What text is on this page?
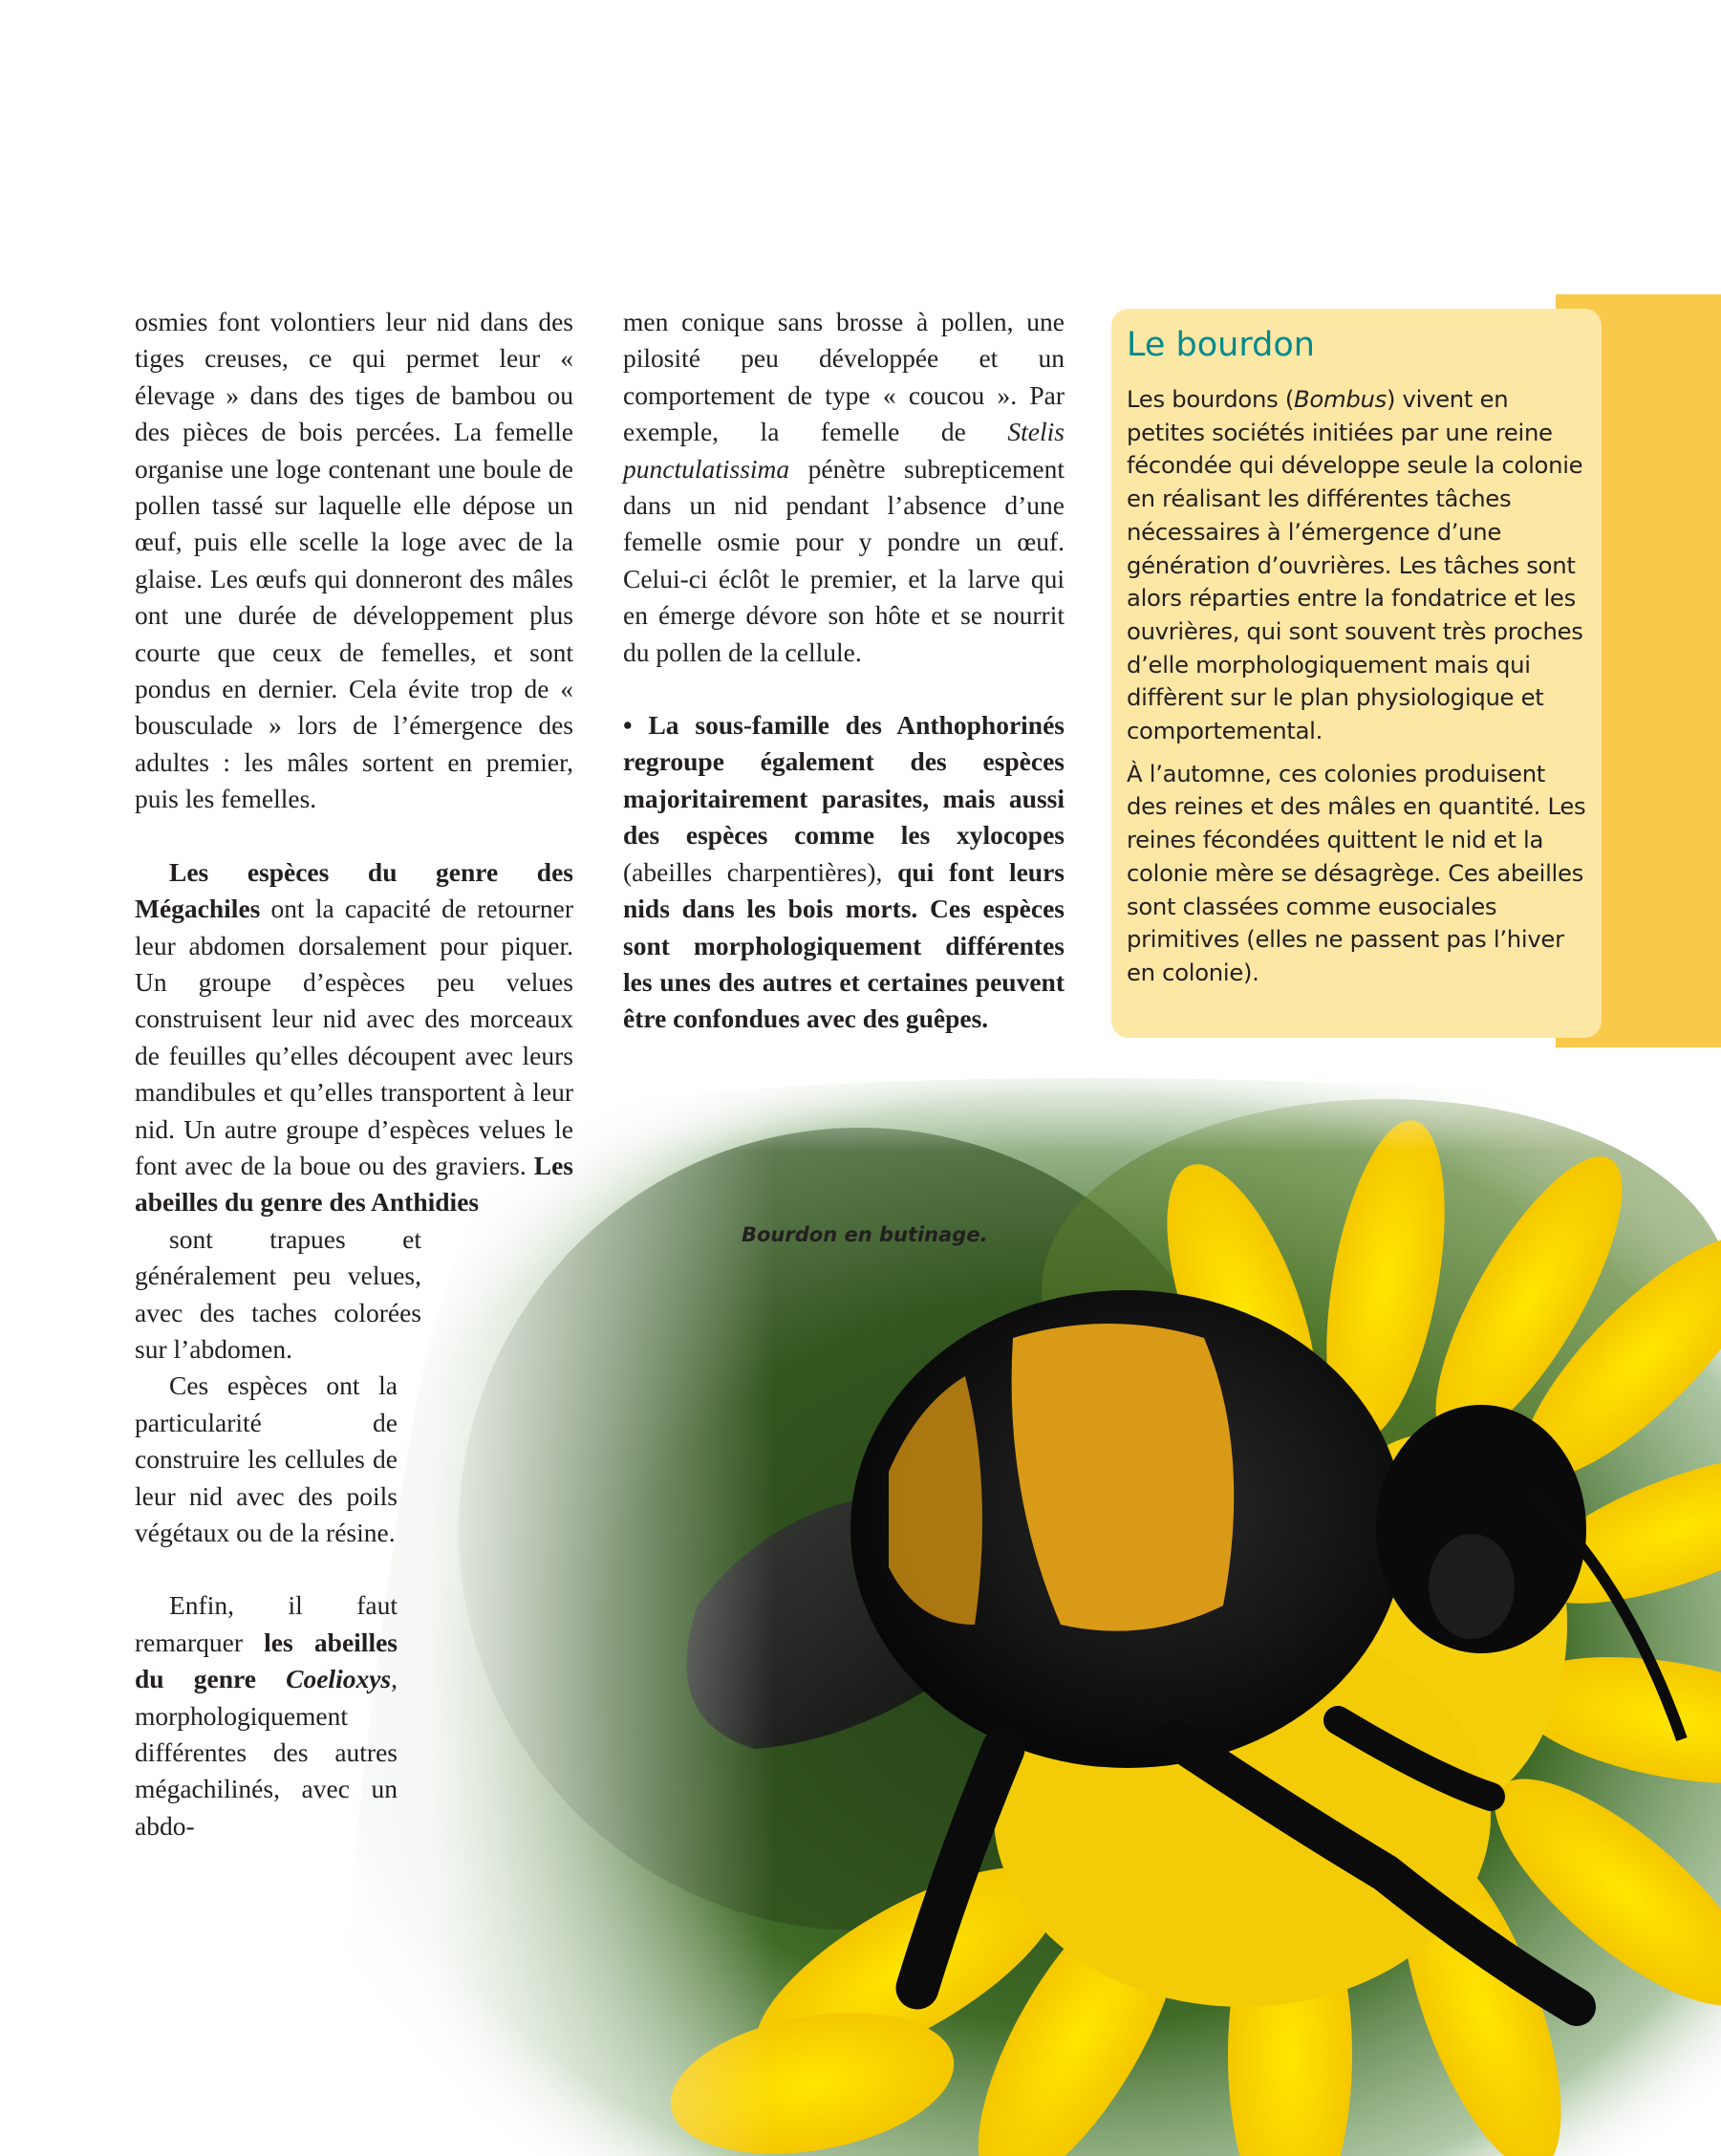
osmies font volontiers leur nid dans des tiges creuses, ce qui permet leur « élevage » dans des tiges de bambou ou des pièces de bois percées. La femelle organise une loge contenant une boule de pollen tassé sur laquelle elle dépose un œuf, puis elle scelle la loge avec de la glaise. Les œufs qui donneront des mâles ont une durée de développement plus courte que ceux de femelles, et sont pondus en dernier. Cela évite trop de « bousculade » lors de l’émergence des adultes : les mâles sortent en premier, puis les femelles.

Les espèces du genre des Mégachiles ont la capacité de retourner leur abdomen dorsalement pour piquer. Un groupe d’espèces peu velues construisent leur nid avec des morceaux de feuilles qu’elles découpent avec leurs mandibules et qu’elles transportent à leur nid. Un autre groupe d’espèces velues le font avec de la boue ou des graviers. Les abeilles du genre des Anthidies
sont trapues et généralement peu velues, avec des taches colorées sur l’abdomen.
Ces espèces ont la particularité de construire les cellules de leur nid avec des poils végétaux ou de la résine.

Enfin, il faut remarquer les abeilles du genre Coelioxys, morphologiquement différentes des autres mégachilinés, avec un abdo-

men conique sans brosse à pollen, une pilosité peu développée et un comportement de type « coucou ». Par exemple, la femelle de Stelis punctulatissima pénètre subrepticement dans un nid pendant l’absence d’une femelle osmie pour y pondre un œuf. Celui-ci éclôt le premier, et la larve qui en émerge dévore son hôte et se nourrit du pollen de la cellule.

• La sous-famille des Anthophorinés regroupe également des espèces majoritairement parasites, mais aussi des espèces comme les xylocopes (abeilles charpentières), qui font leurs nids dans les bois morts. Ces espèces sont morphologiquement différentes les unes des autres et certaines peuvent être confondues avec des guêpes.

Le bourdon

Les bourdons (Bombus) vivent en petites sociétés initiées par une reine fécondée qui développe seule la colonie en réalisant les différentes tâches nécessaires à l’émergence d’une génération d’ouvrières. Les tâches sont alors réparties entre la fondatrice et les ouvrières, qui sont souvent très proches d’elle morphologiquement mais qui diffèrent sur le plan physiologique et comportemental.

À l’automne, ces colonies produisent des reines et des mâles en quantité. Les reines fécondées quittent le nid et la colonie mère se désagrège. Ces abeilles sont classées comme eusociales primitives (elles ne passent pas l’hiver en colonie).

Bourdon en butinage.
